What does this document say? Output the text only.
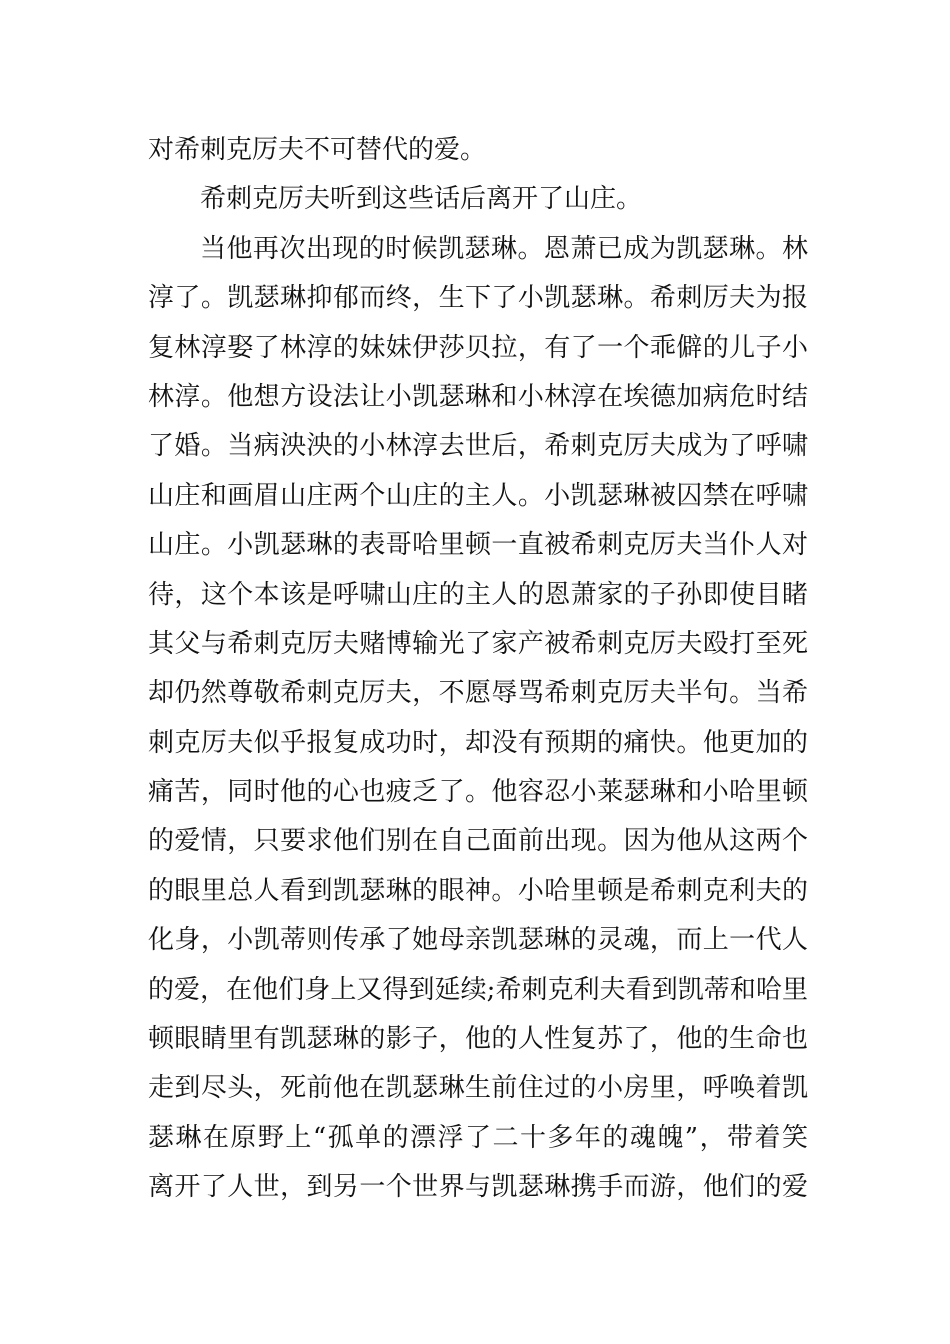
对希刺克厉夫不可替代的爱。
希刺克厉夫听到这些话后离开了山庄。
当他再次出现的时候凯瑟琳。恩萧已成为凯瑟琳。林
淳了。凯瑟琳抑郁而终，生下了小凯瑟琳。希刺厉夫为报
复林淳娶了林淳的妹妹伊莎贝拉，有了一个乖僻的儿子小
林淳。他想方设法让小凯瑟琳和小林淳在埃德加病危时结
了婚。当病泱泱的小林淳去世后，希刺克厉夫成为了呼啸
山庄和画眉山庄两个山庄的主人。小凯瑟琳被囚禁在呼啸
山庄。小凯瑟琳的表哥哈里顿一直被希刺克厉夫当仆人对
待，这个本该是呼啸山庄的主人的恩萧家的子孙即使目睹
其父与希刺克厉夫赌博输光了家产被希刺克厉夫殴打至死
却仍然尊敬希刺克厉夫，不愿辱骂希刺克厉夫半句。当希
刺克厉夫似乎报复成功时，却没有预期的痛快。他更加的
痛苦，同时他的心也疲乏了。他容忍小莱瑟琳和小哈里顿
的爱情，只要求他们别在自己面前出现。因为他从这两个
的眼里总人看到凯瑟琳的眼神。小哈里顿是希刺克利夫的
化身，小凯蒂则传承了她母亲凯瑟琳的灵魂，而上一代人
的爱，在他们身上又得到延续;希刺克利夫看到凯蒂和哈里
顿眼睛里有凯瑟琳的影子，他的人性复苏了，他的生命也
走到尽头，死前他在凯瑟琳生前住过的小房里，呼唤着凯
瑟琳在原野上“孤单的漂浮了二十多年的魂魄”，带着笑
离开了人世，到另一个世界与凯瑟琳携手而游，他们的爱
